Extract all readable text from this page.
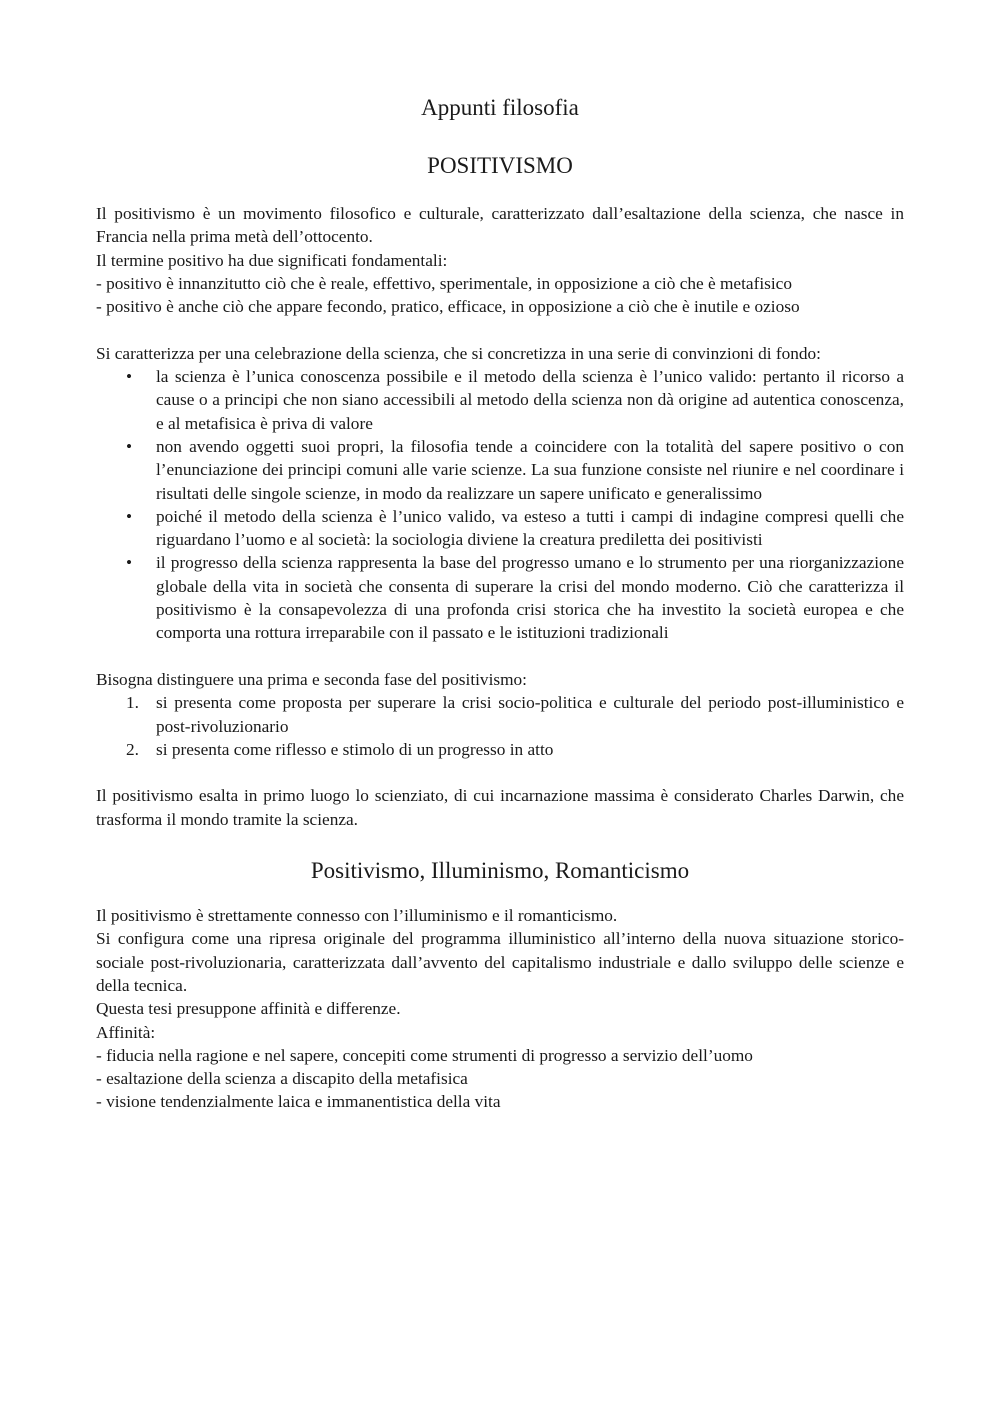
Appunti filosofia
POSITIVISMO

Il positivismo è un movimento filosofico e culturale, caratterizzato dall’esaltazione della scienza, che nasce in Francia nella prima metà dell’ottocento.

Il termine positivo ha due significati fondamentali:

- positivo è innanzitutto ciò che è reale, effettivo, sperimentale, in opposizione a ciò che è metafisico

- positivo è anche ciò che appare fecondo, pratico, efficace, in opposizione a ciò che è inutile e ozioso

Si caratterizza per una celebrazione della scienza, che si concretizza in una serie di convinzioni di fondo:

• la scienza è l’unica conoscenza possibile e il metodo della scienza è l’unico valido: pertanto il ricorso a cause o a principi che non siano accessibili al metodo della scienza non dà origine ad autentica conoscenza, e al metafisica è priva di valore
• non avendo oggetti suoi propri, la filosofia tende a coincidere con la totalità del sapere positivo o con l’enunciazione dei principi comuni alle varie scienze. La sua funzione consiste nel riunire e nel coordinare i risultati delle singole scienze, in modo da realizzare un sapere unificato e generalissimo
• poiché il metodo della scienza è l’unico valido, va esteso a tutti i campi di indagine compresi quelli che riguardano l’uomo e al società: la sociologia diviene la creatura prediletta dei positivisti
• il progresso della scienza rappresenta la base del progresso umano e lo strumento per una riorganizzazione globale della vita in società che consenta di superare la crisi del mondo moderno. Ciò che caratterizza il positivismo è la consapevolezza di una profonda crisi storica che ha investito la società europea e che comporta una rottura irreparabile con il passato e le istituzioni tradizionali

Bisogna distinguere una prima e seconda fase del positivismo:

1. si presenta come proposta per superare la crisi socio-politica e culturale del periodo post-illuministico e post-rivoluzionario
2. si presenta come riflesso e stimolo di un progresso in atto

Il positivismo esalta in primo luogo lo scienziato, di cui incarnazione massima è considerato Charles Darwin, che trasforma il mondo tramite la scienza.

Positivismo, Illuminismo, Romanticismo

Il positivismo è strettamente connesso con l’illuminismo e il romanticismo.

Si configura come una ripresa originale del programma illuministico all’interno della nuova situazione storico-sociale post-rivoluzionaria, caratterizzata dall’avvento del capitalismo industriale e dallo sviluppo delle scienze e della tecnica.

Questa tesi presuppone affinità e differenze.

Affinità:

- fiducia nella ragione e nel sapere, concepiti come strumenti di progresso a servizio dell’uomo

- esaltazione della scienza a discapito della metafisica

- visione tendenzialmente laica e immanentistica della vita
